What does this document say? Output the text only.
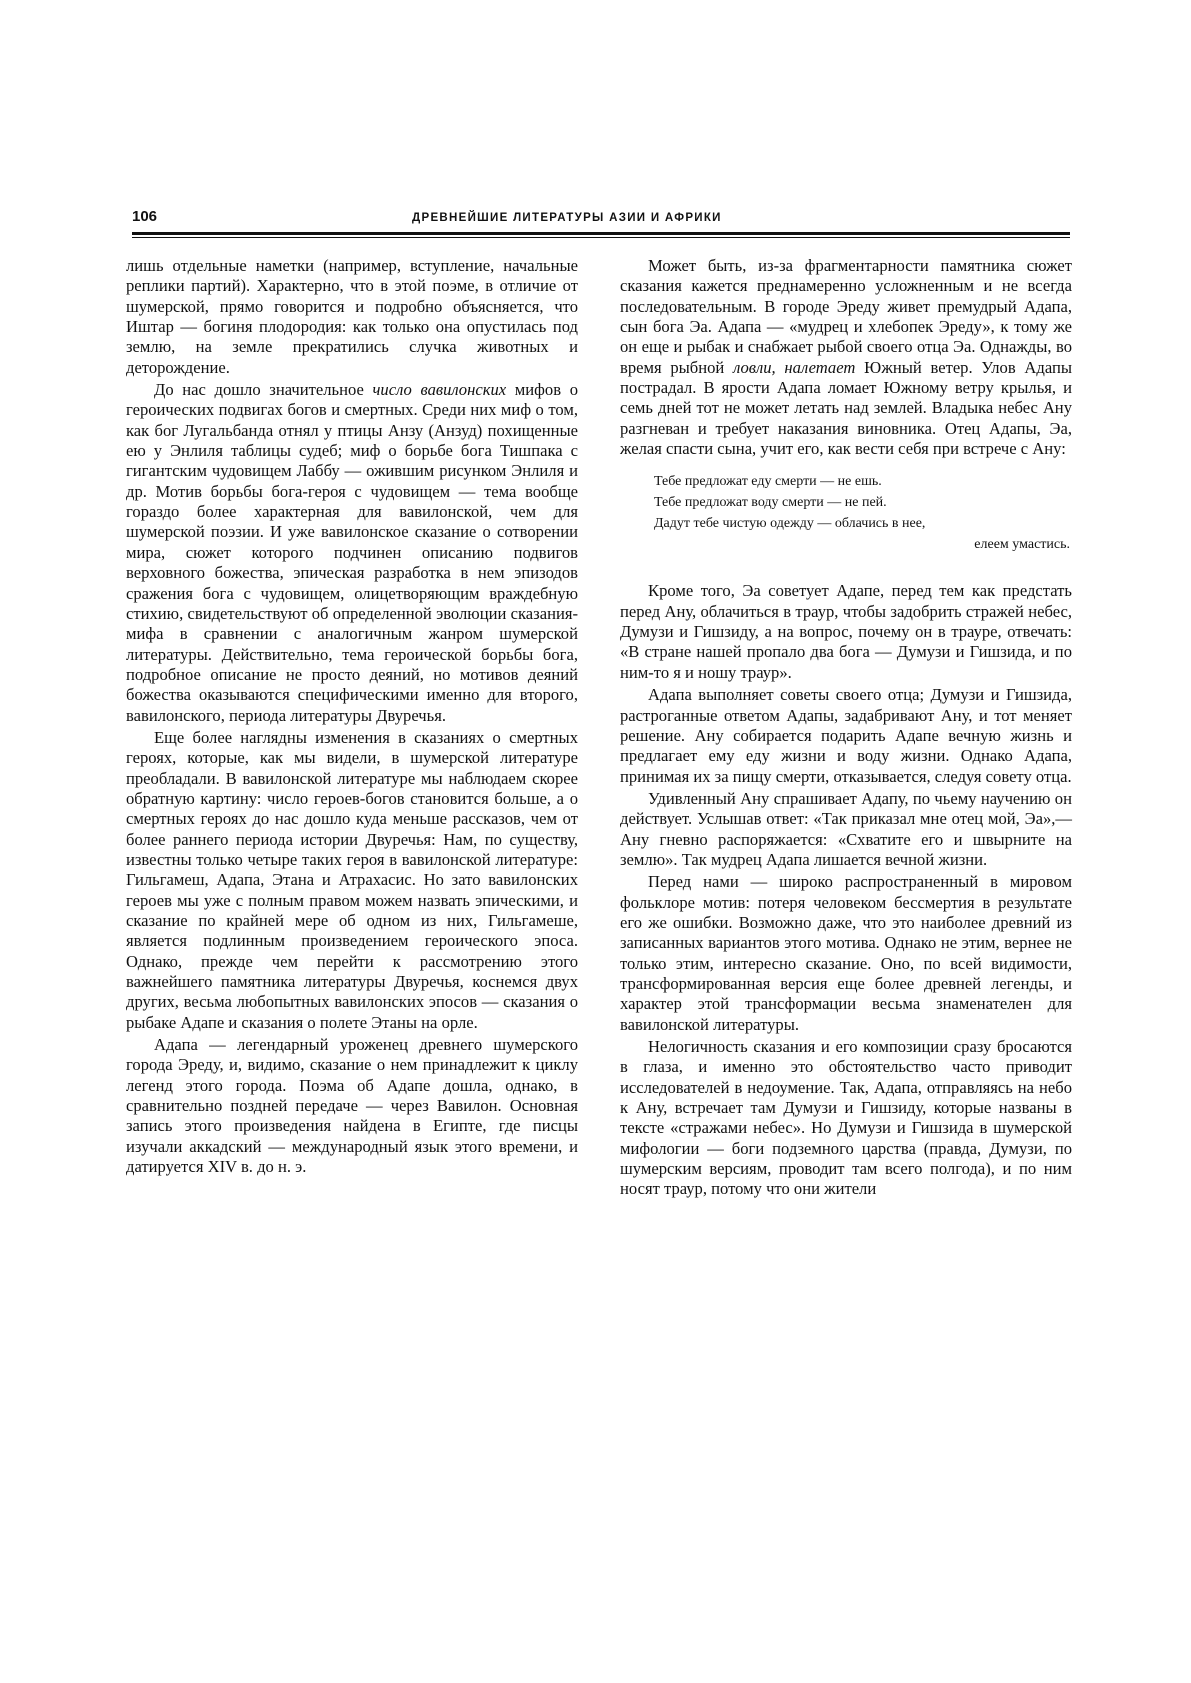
106	ДРЕВНЕЙШИЕ ЛИТЕРАТУРЫ АЗИИ И АФРИКИ

лишь отдельные наметки (например, вступление, начальные реплики партий). Характерно, что в этой поэме, в отличие от шумерской, прямо говорится и подробно объясняется, что Иштар — богиня плодородия: как только она опустилась под землю, на земле прекратились случка животных и деторождение.

До нас дошло значительное число вавилонских мифов о героических подвигах богов и смертных. Среди них миф о том, как бог Лугальбанда отнял у птицы Анзу (Анзуд) похищенные ею у Энлиля таблицы судеб; миф о борьбе бога Тишпака с гигантским чудовищем Лаббу — ожившим рисунком Энлиля и др. Мотив борьбы бога-героя с чудовищем — тема вообще гораздо более характерная для вавилонской, чем для шумерской поэзии. И уже вавилонское сказание о сотворении мира, сюжет которого подчинен описанию подвигов верховного божества, эпическая разработка в нем эпизодов сражения бога с чудовищем, олицетворяющим враждебную стихию, свидетельствуют об определенной эволюции сказания-мифа в сравнении с аналогичным жанром шумерской литературы. Действительно, тема героической борьбы бога, подробное описание не просто деяний, но мотивов деяний божества оказываются специфическими именно для второго, вавилонского, периода литературы Двуречья.

Еще более наглядны изменения в сказаниях о смертных героях, которые, как мы видели, в шумерской литературе преобладали. В вавилонской литературе мы наблюдаем скорее обратную картину: число героев-богов становится больше, а о смертных героях до нас дошло куда меньше рассказов, чем от более раннего периода истории Двуречья: Нам, по существу, известны только четыре таких героя в вавилонской литературе: Гильгамеш, Адапа, Этана и Атрахасис. Но зато вавилонских героев мы уже с полным правом можем назвать эпическими, и сказание по крайней мере об одном из них, Гильгамеше, является подлинным произведением героического эпоса. Однако, прежде чем перейти к рассмотрению этого важнейшего памятника литературы Двуречья, коснемся двух других, весьма любопытных вавилонских эпосов — сказания о рыбаке Адапе и сказания о полете Этаны на орле.

Адапа — легендарный уроженец древнего шумерского города Эреду, и, видимо, сказание о нем принадлежит к циклу легенд этого города. Поэма об Адапе дошла, однако, в сравнительно поздней передаче — через Вавилон. Основная запись этого произведения найдена в Египте, где писцы изучали аккадский — международный язык этого времени, и датируется XIV в. до н. э.

Может быть, из-за фрагментарности памятника сюжет сказания кажется преднамеренно усложненным и не всегда последовательным. В городе Эреду живет премудрый Адапа, сын бога Эа. Адапа — «мудрец и хлебопек Эреду», к тому же он еще и рыбак и снабжает рыбой своего отца Эа. Однажды, во время рыбной ловли, налетает Южный ветер. Улов Адапы пострадал. В ярости Адапа ломает Южному ветру крылья, и семь дней тот не может летать над землей. Владыка небес Ану разгневан и требует наказания виновника. Отец Адапы, Эа, желая спасти сына, учит его, как вести себя при встрече с Ану:

Тебе предложат еду смерти — не ешь.
Тебе предложат воду смерти — не пей.
Дадут тебе чистую одежду — облачись в нее,
елеем умастись.

Кроме того, Эа советует Адапе, перед тем как предстать перед Ану, облачиться в траур, чтобы задобрить стражей небес, Думузи и Гишзиду, а на вопрос, почему он в трауре, отвечать: «В стране нашей пропало два бога — Думузи и Гишзида, и по ним-то я и ношу траур».

Адапа выполняет советы своего отца; Думузи и Гишзида, растроганные ответом Адапы, задабривают Ану, и тот меняет решение. Ану собирается подарить Адапе вечную жизнь и предлагает ему еду жизни и воду жизни. Однако Адапа, принимая их за пищу смерти, отказывается, следуя совету отца.

Удивленный Ану спрашивает Адапу, по чьему научению он действует. Услышав ответ: «Так приказал мне отец мой, Эа»,— Ану гневно распоряжается: «Схватите его и швырните на землю». Так мудрец Адапа лишается вечной жизни.

Перед нами — широко распространенный в мировом фольклоре мотив: потеря человеком бессмертия в результате его же ошибки. Возможно даже, что это наиболее древний из записанных вариантов этого мотива. Однако не этим, вернее не только этим, интересно сказание. Оно, по всей видимости, трансформированная версия еще более древней легенды, и характер этой трансформации весьма знаменателен для вавилонской литературы.

Нелогичность сказания и его композиции сразу бросаются в глаза, и именно это обстоятельство часто приводит исследователей в недоумение. Так, Адапа, отправляясь на небо к Ану, встречает там Думузи и Гишзиду, которые названы в тексте «стражами небес». Но Думузи и Гишзида в шумерской мифологии — боги подземного царства (правда, Думузи, по шумерским версиям, проводит там всего полгода), и по ним носят траур, потому что они жители
